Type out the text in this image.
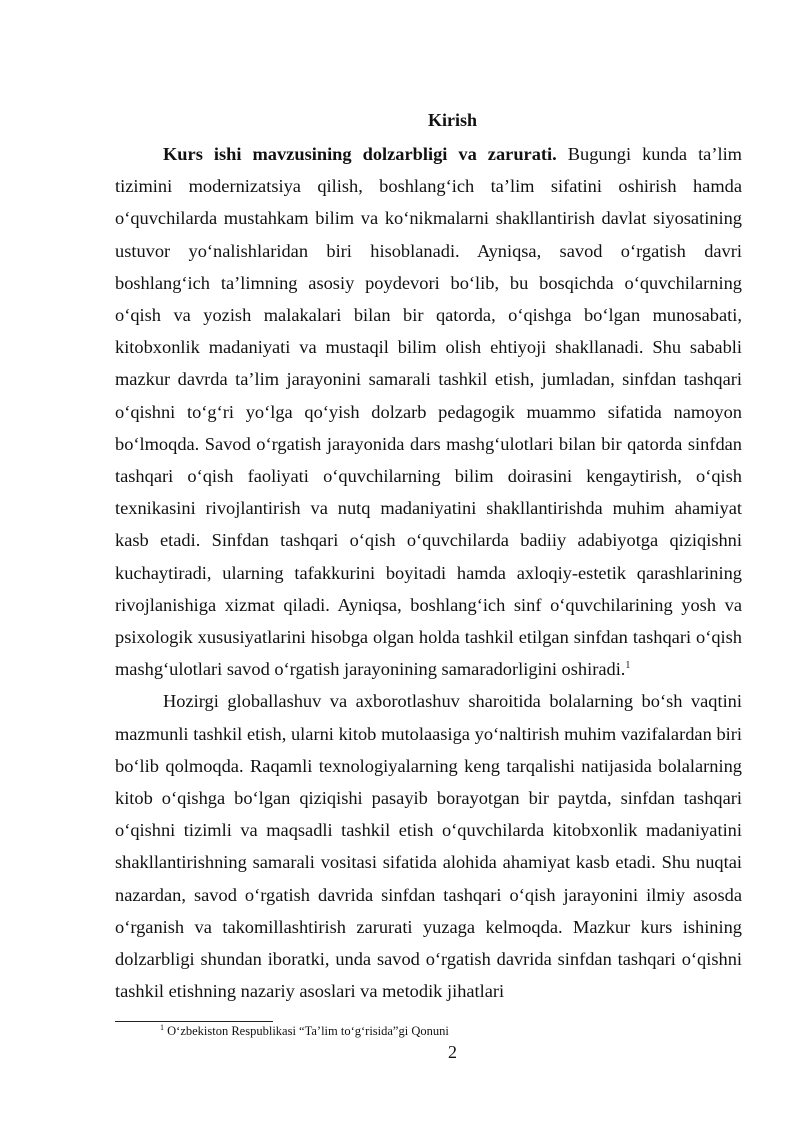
Kirish

Kurs ishi mavzusining dolzarbligi va zarurati. Bugungi kunda ta’lim tizimini modernizatsiya qilish, boshlang‘ich ta’lim sifatini oshirish hamda o‘quvchilarda mustahkam bilim va ko‘nikmalarni shakllantirish davlat siyosatining ustuvor yo‘nalishlaridan biri hisoblanadi. Ayniqsa, savod o‘rgatish davri boshlang‘ich ta’limning asosiy poydevori bo‘lib, bu bosqichda o‘quvchilarning o‘qish va yozish malakalari bilan bir qatorda, o‘qishga bo‘lgan munosabati, kitobxonlik madaniyati va mustaqil bilim olish ehtiyoji shakllanadi. Shu sababli mazkur davrda ta’lim jarayonini samarali tashkil etish, jumladan, sinfdan tashqari o‘qishni to‘g‘ri yo‘lga qo‘yish dolzarb pedagogik muammo sifatida namoyon bo‘lmoqda. Savod o‘rgatish jarayonida dars mashg‘ulotlari bilan bir qatorda sinfdan tashqari o‘qish faoliyati o‘quvchilarning bilim doirasini kengaytirish, o‘qish texnikasini rivojlantirish va nutq madaniyatini shakllantirishda muhim ahamiyat kasb etadi. Sinfdan tashqari o‘qish o‘quvchilarda badiiy adabiyotga qiziqishni kuchaytiradi, ularning tafakkurini boyitadi hamda axloqiy-estetik qarashlarining rivojlanishiga xizmat qiladi. Ayniqsa, boshlang‘ich sinf o‘quvchilarining yosh va psixologik xususiyatlarini hisobga olgan holda tashkil etilgan sinfdan tashqari o‘qish mashg‘ulotlari savod o‘rgatish jarayonining samaradorligini oshiradi.$^1$

Hozirgi globallashuv va axborotlashuv sharoitida bolalarning bo‘sh vaqtini mazmunli tashkil etish, ularni kitob mutolaasiga yo‘naltirish muhim vazifalardan biri bo‘lib qolmoqda. Raqamli texnologiyalarning keng tarqalishi natijasida bolalarning kitob o‘qishga bo‘lgan qiziqishi pasayib borayotgan bir paytda, sinfdan tashqari o‘qishni tizimli va maqsadli tashkil etish o‘quvchilarda kitobxonlik madaniyatini shakllantirishning samarali vositasi sifatida alohida ahamiyat kasb etadi. Shu nuqtai nazardan, savod o‘rgatish davrida sinfdan tashqari o‘qish jarayonini ilmiy asosda o‘rganish va takomillashtirish zarurati yuzaga kelmoqda. Mazkur kurs ishining dolzarbligi shundan iboratki, unda savod o‘rgatish davrida sinfdan tashqari o‘qishni tashkil etishning nazariy asoslari va metodik jihatlari

$^1$ O‘zbekiston Respublikasi “Ta’lim to‘g‘risida”gi Qonuni

2
